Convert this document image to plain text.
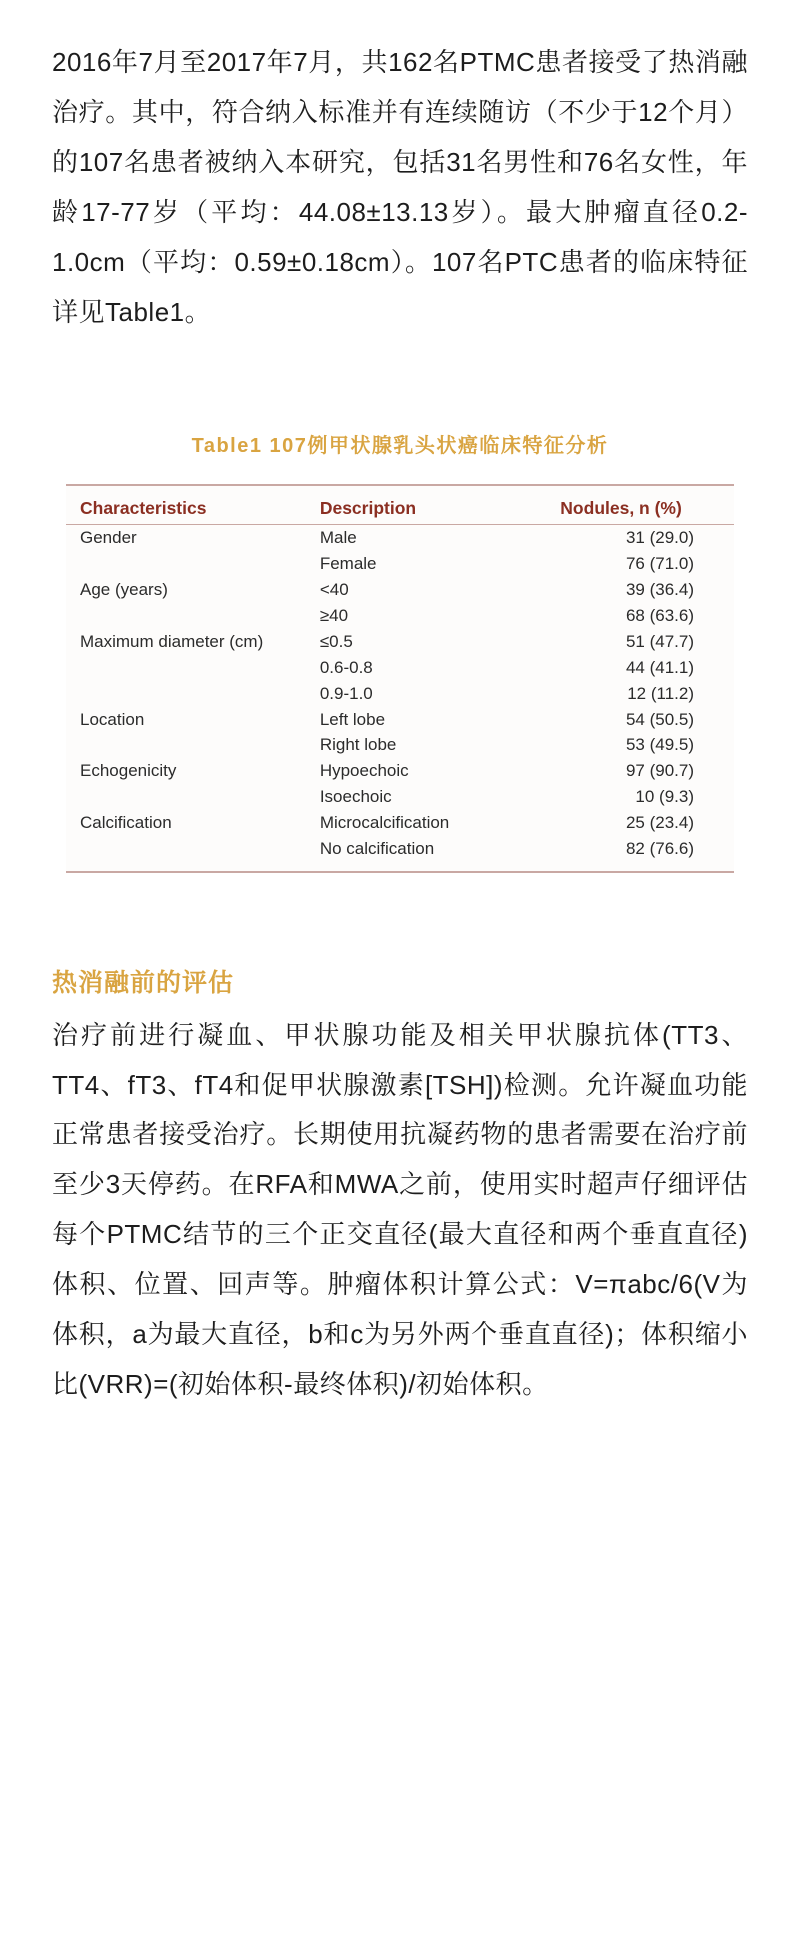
2016年7月至2017年7月，共162名PTMC患者接受了热消融治疗。其中，符合纳入标准并有连续随访（不少于12个月）的107名患者被纳入本研究，包括31名男性和76名女性，年龄17-77岁（平均：44.08±13.13岁）。最大肿瘤直径0.2-1.0cm（平均：0.59±0.18cm）。107名PTC患者的临床特征详见Table1。

Table1 107例甲状腺乳头状癌临床特征分析
Characteristics	Description	Nodules, n (%)
Gender	Male	31 (29.0)
	Female	76 (71.0)
Age (years)	<40	39 (36.4)
	≥40	68 (63.6)
Maximum diameter (cm)	≤0.5	51 (47.7)
	0.6-0.8	44 (41.1)
	0.9-1.0	12 (11.2)
Location	Left lobe	54 (50.5)
	Right lobe	53 (49.5)
Echogenicity	Hypoechoic	97 (90.7)
	Isoechoic	10 (9.3)
Calcification	Microcalcification	25 (23.4)
	No calcification	82 (76.6)
热消融前的评估

治疗前进行凝血、甲状腺功能及相关甲状腺抗体(TT3、TT4、fT3、fT4和促甲状腺激素[TSH])检测。允许凝血功能正常患者接受治疗。长期使用抗凝药物的患者需要在治疗前至少3天停药。在RFA和MWA之前，使用实时超声仔细评估每个PTMC结节的三个正交直径(最大直径和两个垂直直径)体积、位置、回声等。肿瘤体积计算公式：V=πabc/6(V为体积，a为最大直径，b和c为另外两个垂直直径)；体积缩小比(VRR)=(初始体积-最终体积)/初始体积。
